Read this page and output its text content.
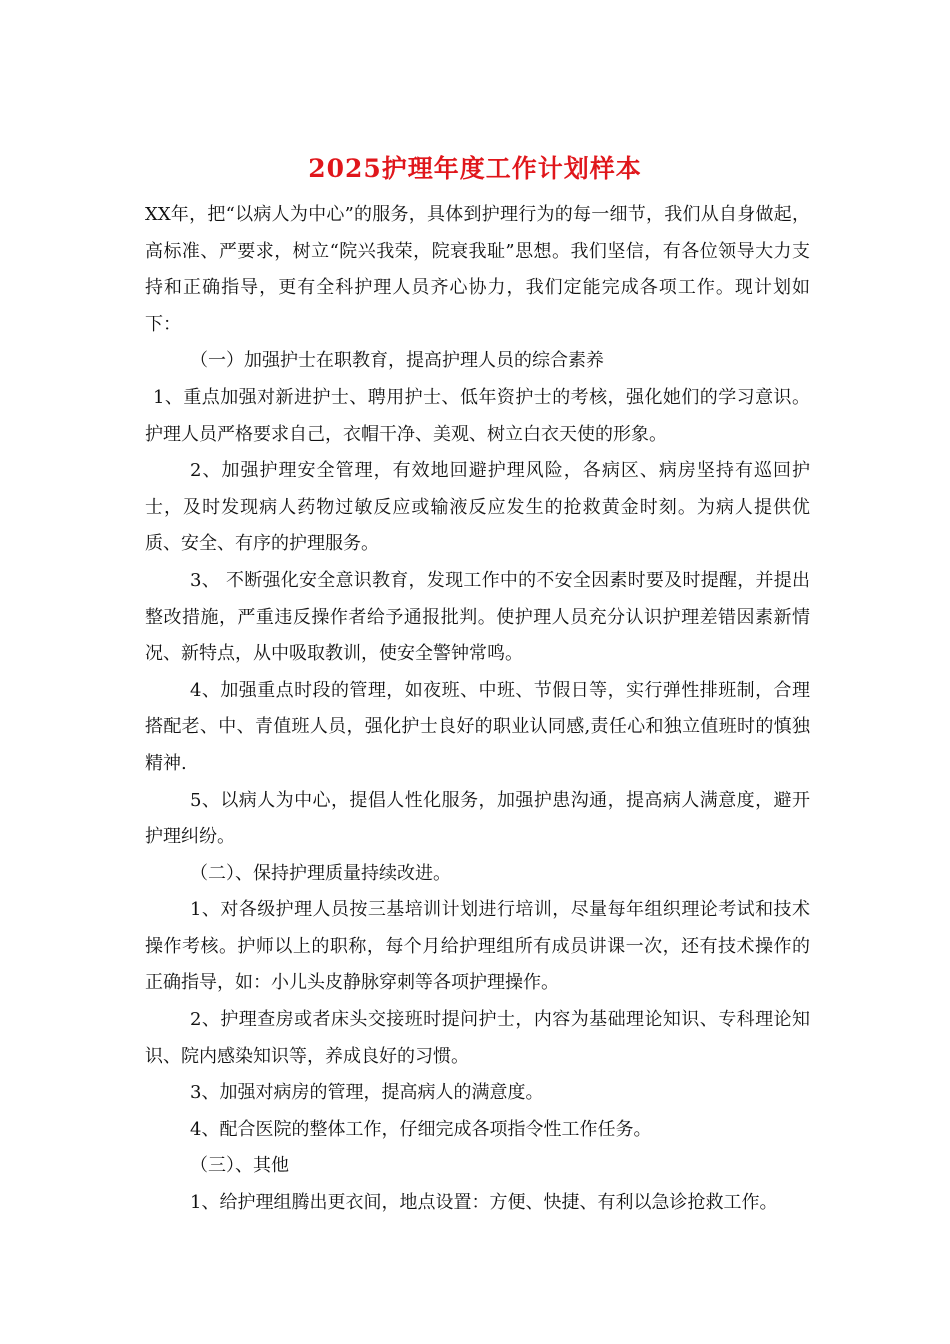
2025护理年度工作计划样本

XX年，把“以病人为中心”的服务，具体到护理行为的每一细节，我们从自身做起，高标准、严要求，树立“院兴我荣，院衰我耻”思想。我们坚信，有各位领导大力支持和正确指导，更有全科护理人员齐心协力，我们定能完成各项工作。现计划如下：

（一）加强护士在职教育，提高护理人员的综合素养

1、重点加强对新进护士、聘用护士、低年资护士的考核，强化她们的学习意识。护理人员严格要求自己，衣帽干净、美观、树立白衣天使的形象。

2、加强护理安全管理，有效地回避护理风险，各病区、病房坚持有巡回护士，及时发现病人药物过敏反应或输液反应发生的抢救黄金时刻。为病人提供优质、安全、有序的护理服务。

3、 不断强化安全意识教育，发现工作中的不安全因素时要及时提醒，并提出整改措施，严重违反操作者给予通报批判。使护理人员充分认识护理差错因素新情况、新特点，从中吸取教训，使安全警钟常鸣。

4、加强重点时段的管理，如夜班、中班、节假日等，实行弹性排班制，合理搭配老、中、青值班人员，强化护士良好的职业认同感,责任心和独立值班时的慎独精神.

5、以病人为中心，提倡人性化服务，加强护患沟通，提高病人满意度，避开护理纠纷。

（二）、保持护理质量持续改进。

1、对各级护理人员按三基培训计划进行培训，尽量每年组织理论考试和技术操作考核。护师以上的职称，每个月给护理组所有成员讲课一次，还有技术操作的正确指导，如：小儿头皮静脉穿刺等各项护理操作。

2、护理查房或者床头交接班时提问护士，内容为基础理论知识、专科理论知识、院内感染知识等，养成良好的习惯。

3、加强对病房的管理，提高病人的满意度。

4、配合医院的整体工作，仔细完成各项指令性工作任务。

（三）、其他

1、给护理组腾出更衣间，地点设置：方便、快捷、有利以急诊抢救工作。
